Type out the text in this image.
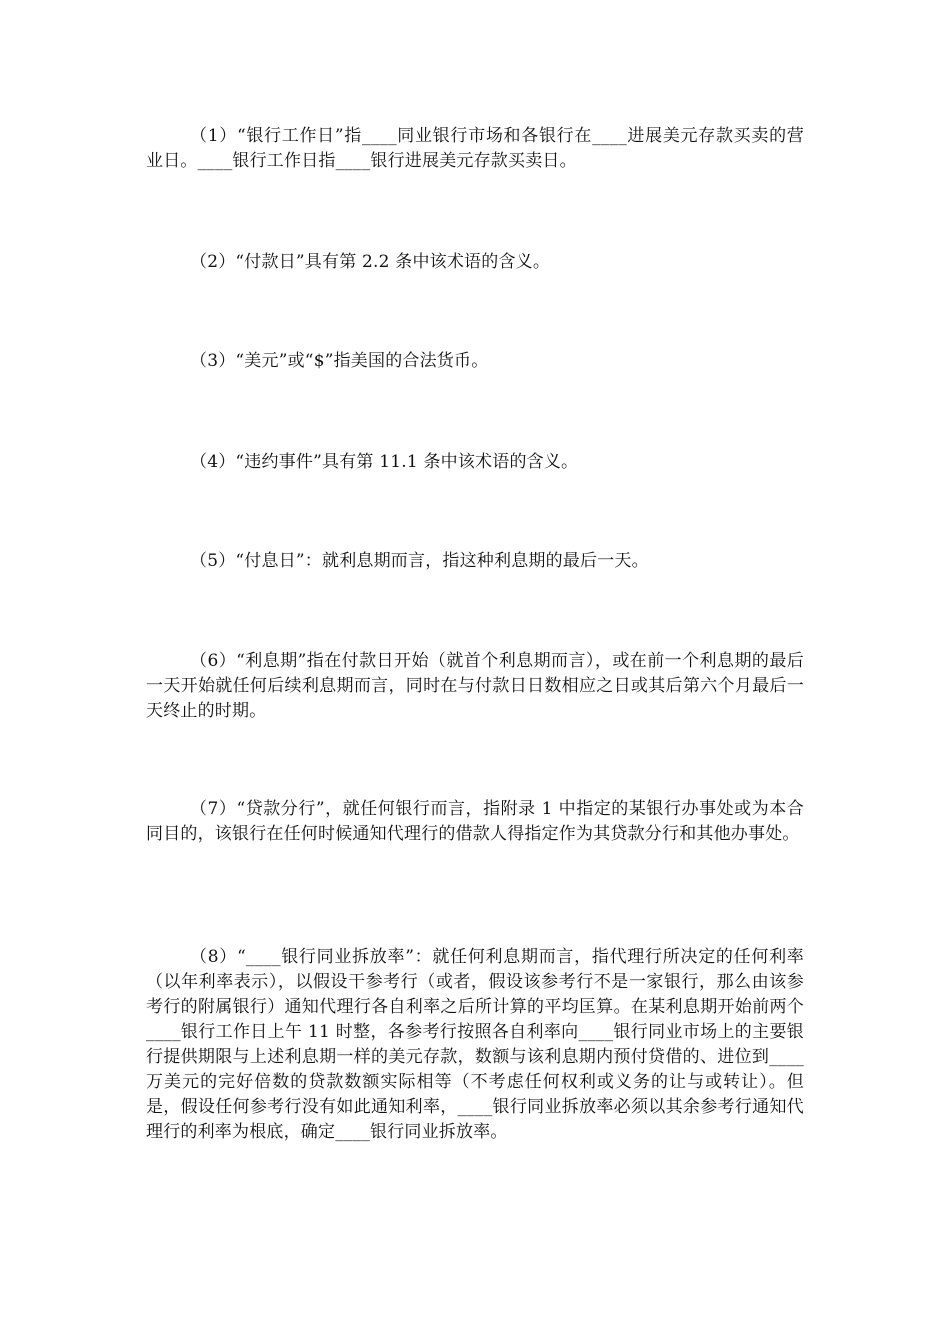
（1）“银行工作日”指____同业银行市场和各银行在____进展美元存款买卖的营业日。____银行工作日指____银行进展美元存款买卖日。

（2）“付款日”具有第 2.2 条中该术语的含义。

（3）“美元”或“$”指美国的合法货币。

（4）“违约事件”具有第 11.1 条中该术语的含义。

（5）“付息日”：就利息期而言，指这种利息期的最后一天。

（6）“利息期”指在付款日开始（就首个利息期而言），或在前一个利息期的最后一天开始就任何后续利息期而言，同时在与付款日日数相应之日或其后第六个月最后一天终止的时期。

（7）“贷款分行”，就任何银行而言，指附录 1 中指定的某银行办事处或为本合同目的，该银行在任何时候通知代理行的借款人得指定作为其贷款分行和其他办事处。

（8）“____银行同业拆放率”：就任何利息期而言，指代理行所决定的任何利率（以年利率表示），以假设干参考行（或者，假设该参考行不是一家银行，那么由该参考行的附属银行）通知代理行各自利率之后所计算的平均匡算。在某利息期开始前两个____银行工作日上午 11 时整，各参考行按照各自利率向____银行同业市场上的主要银行提供期限与上述利息期一样的美元存款，数额与该利息期内预付贷借的、进位到____万美元的完好倍数的贷款数额实际相等（不考虑任何权利或义务的让与或转让）。但是，假设任何参考行没有如此通知利率，____银行同业拆放率必须以其余参考行通知代理行的利率为根底，确定____银行同业拆放率。
